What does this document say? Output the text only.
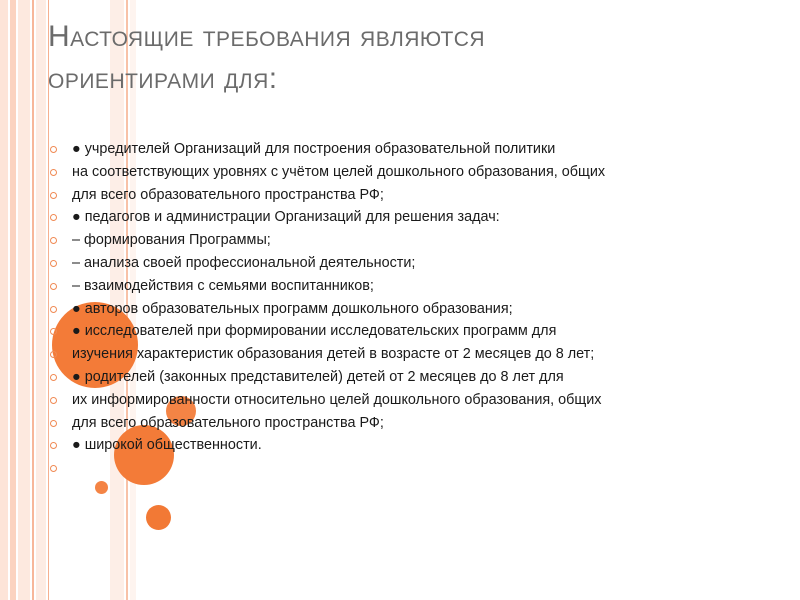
Настоящие требования являются
ориентирами для:
● учредителей Организаций для построения образовательной политики
на соответствующих уровнях с учётом целей дошкольного образования, общих
для всего образовательного пространства РФ;
● педагогов и администрации Организаций для решения задач:
– формирования Программы;
– анализа своей профессиональной деятельности;
– взаимодействия с семьями воспитанников;
● авторов образовательных программ дошкольного образования;
● исследователей при формировании исследовательских программ для
изучения характеристик образования детей в возрасте от 2 месяцев до 8 лет;
● родителей (законных представителей) детей от 2 месяцев до 8 лет для
их информированности относительно целей дошкольного образования, общих
для всего образовательного пространства РФ;
● широкой общественности.
